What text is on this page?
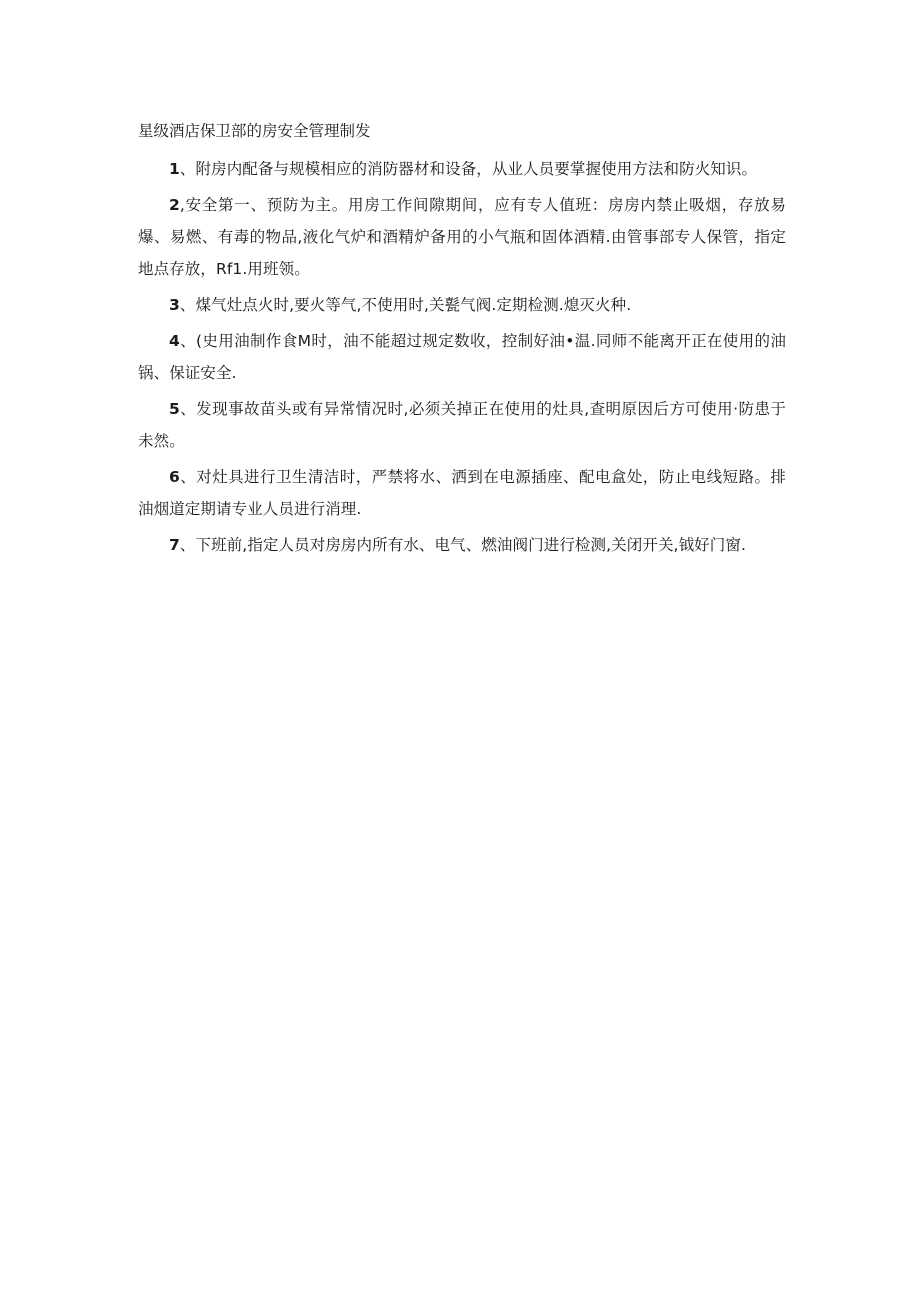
星级酒店保卫部的房安全管理制发

1、附房内配备与规模相应的消防器材和设备，从业人员要掌握使用方法和防火知识。

2,安全第一、预防为主。用房工作间隙期间，应有专人值班：房房内禁止吸烟，存放易爆、易燃、有毒的物品,液化气炉和酒精炉备用的小气瓶和固体酒精.由管事部专人保管，指定地点存放，Rf1.用班领。

3、煤气灶点火时,要火等气,不使用时,关甏气阀.定期检测.熄灭火种.

4、(史用油制作食M时，油不能超过规定数收，控制好油•温.同师不能离开正在使用的油锅、保证安全.

5、发现事故苗头或有异常情况时,必须关掉正在使用的灶具,查明原因后方可使用·防患于未然。

6、对灶具进行卫生清洁时，严禁将水、洒到在电源插座、配电盒处，防止电线短路。排油烟道定期请专业人员进行消理.

7、下班前,指定人员对房房内所有水、电气、燃油阀门进行检测,关闭开关,钺好门窗.
